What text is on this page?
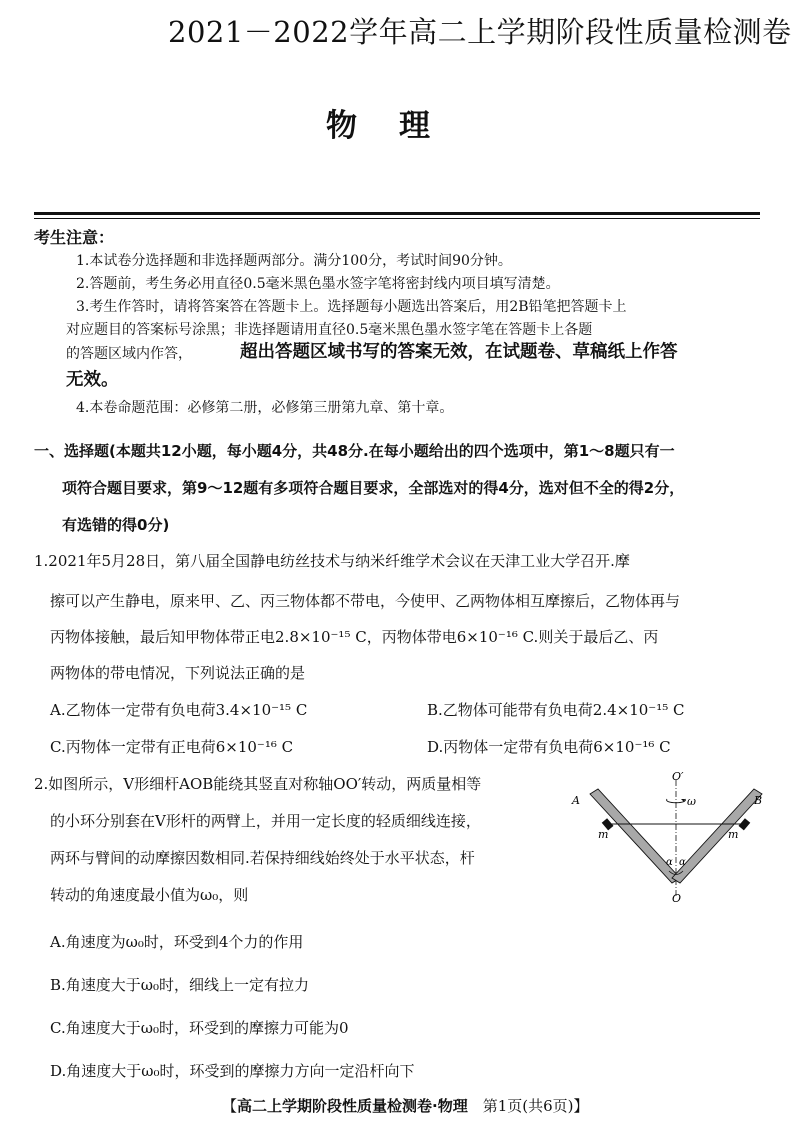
2021－2022学年高二上学期阶段性质量检测卷
物理
考生注意：
1.本试卷分选择题和非选择题两部分。满分100分，考试时间90分钟。
2.答题前，考生务必用直径0.5毫米黑色墨水签字笔将密封线内项目填写清楚。
3.考生作答时，请将答案答在答题卡上。选择题每小题选出答案后，用2B铅笔把答题卡上
对应题目的答案标号涂黑；非选择题请用直径0.5毫米黑色墨水签字笔在答题卡上各题
的答题区域内作答，	超出答题区域书写的答案无效，在试题卷、草稿纸上作答
无效。
4.本卷命题范围：必修第二册，必修第三册第九章、第十章。
一、选择题(本题共12小题，每小题4分，共48分.在每小题给出的四个选项中，第1～8题只有一
项符合题目要求，第9～12题有多项符合题目要求，全部选对的得4分，选对但不全的得2分，
有选错的得0分)
1.2021年5月28日，第八届全国静电纺丝技术与纳米纤维学术会议在天津工业大学召开.摩
擦可以产生静电，原来甲、乙、丙三物体都不带电，今使甲、乙两物体相互摩擦后，乙物体再与
丙物体接触，最后知甲物体带正电2.8×10⁻¹⁵ C，丙物体带电6×10⁻¹⁶ C.则关于最后乙、丙
两物体的带电情况，下列说法正确的是
A.乙物体一定带有负电荷3.4×10⁻¹⁵ C	B.乙物体可能带有负电荷2.4×10⁻¹⁵ C
C.丙物体一定带有正电荷6×10⁻¹⁶ C	D.丙物体一定带有负电荷6×10⁻¹⁶ C
2.如图所示，V形细杆AOB能绕其竖直对称轴OO′转动，两质量相等
的小环分别套在V形杆的两臂上，并用一定长度的轻质细线连接，
两环与臂间的动摩擦因数相同.若保持细线始终处于水平状态，杆
转动的角速度最小值为ω₀，则
A	B
O′
O
ω
m	m
α α
A.角速度为ω₀时，环受到4个力的作用
B.角速度大于ω₀时，细线上一定有拉力
C.角速度大于ω₀时，环受到的摩擦力可能为0
D.角速度大于ω₀时，环受到的摩擦力方向一定沿杆向下
【高二上学期阶段性质量检测卷·物理　第1页(共6页)】
